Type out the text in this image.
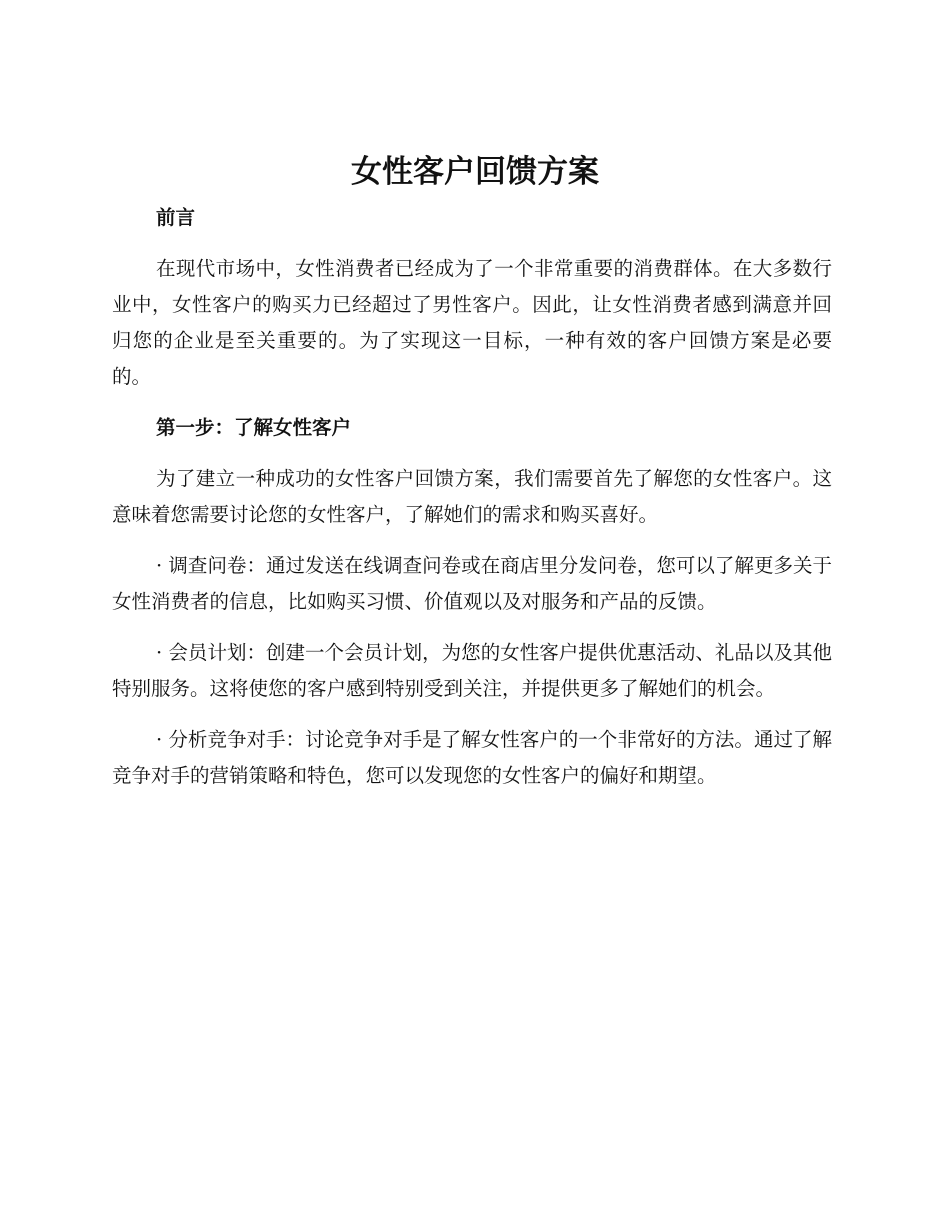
女性客户回馈方案
前言

在现代市场中，女性消费者已经成为了一个非常重要的消费群体。在大多数行业中，女性客户的购买力已经超过了男性客户。因此，让女性消费者感到满意并回归您的企业是至关重要的。为了实现这一目标，一种有效的客户回馈方案是必要的。

第一步：了解女性客户

为了建立一种成功的女性客户回馈方案，我们需要首先了解您的女性客户。这意味着您需要讨论您的女性客户，了解她们的需求和购买喜好。

· 调查问卷：通过发送在线调查问卷或在商店里分发问卷，您可以了解更多关于女性消费者的信息，比如购买习惯、价值观以及对服务和产品的反馈。

· 会员计划：创建一个会员计划，为您的女性客户提供优惠活动、礼品以及其他特别服务。这将使您的客户感到特别受到关注，并提供更多了解她们的机会。

· 分析竞争对手：讨论竞争对手是了解女性客户的一个非常好的方法。通过了解竞争对手的营销策略和特色，您可以发现您的女性客户的偏好和期望。
